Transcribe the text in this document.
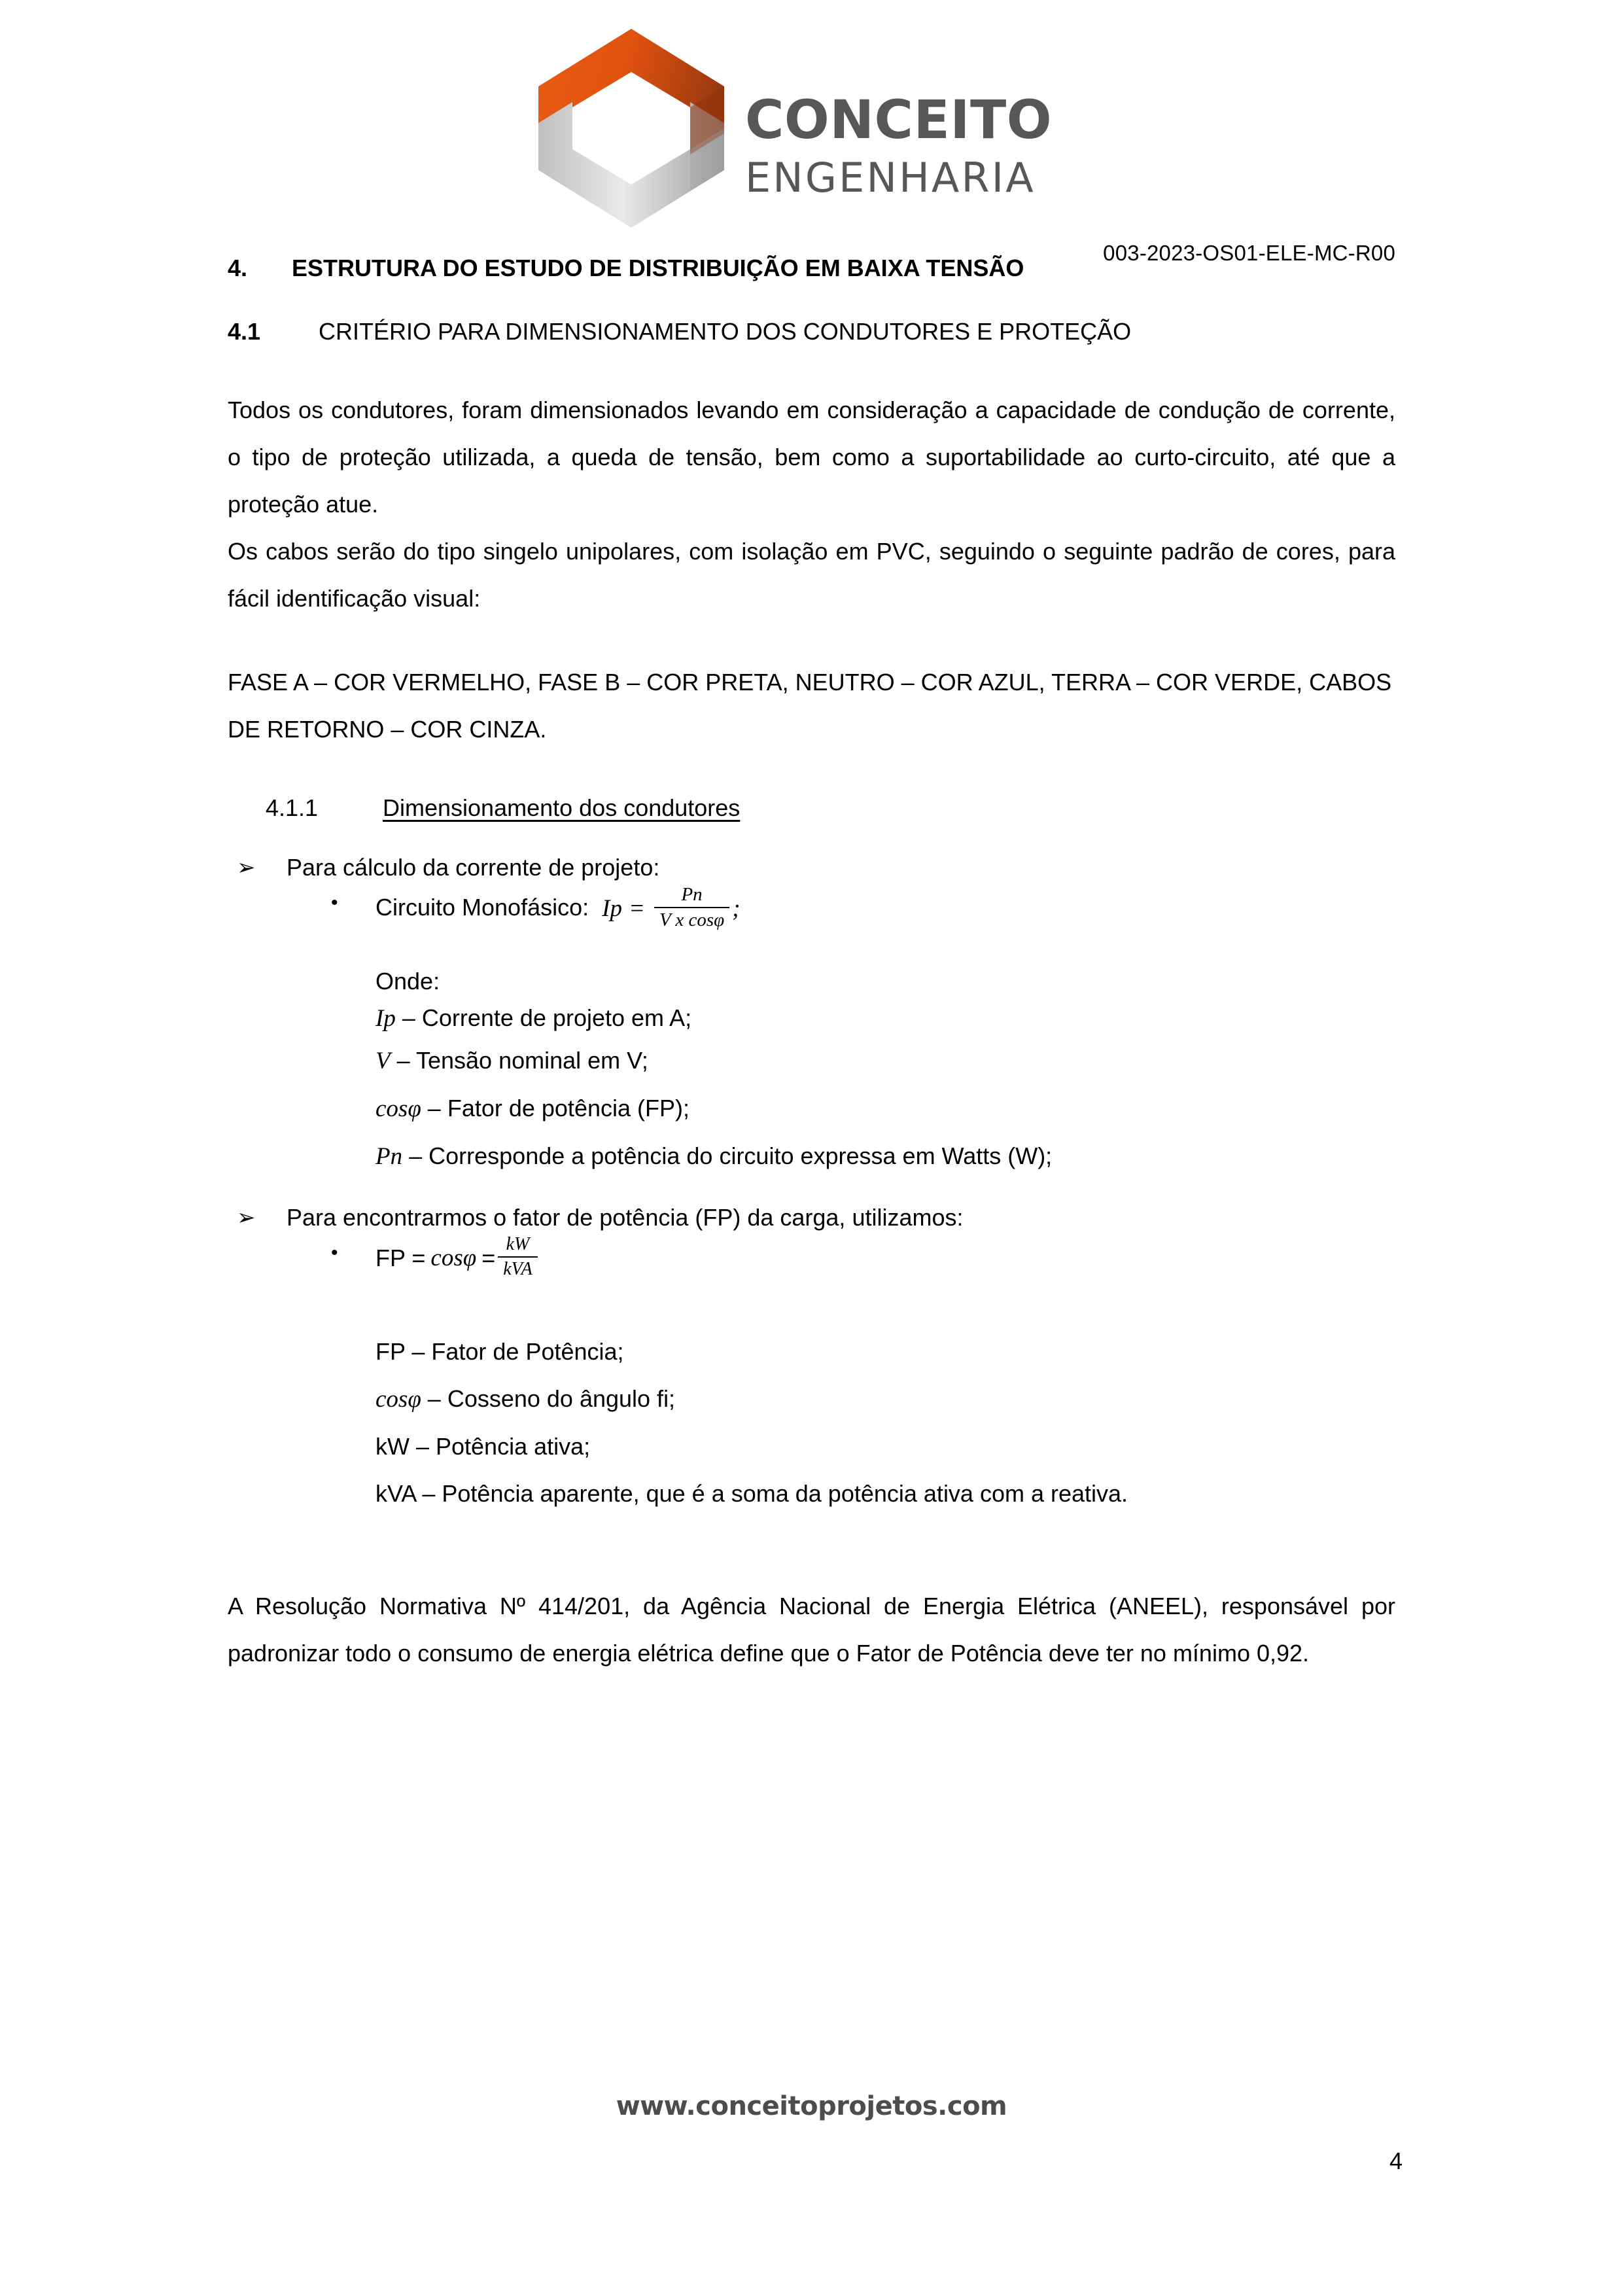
CONCEITO
ENGENHARIA
003-2023-OS01-ELE-MC-R00
4.	ESTRUTURA DO ESTUDO DE DISTRIBUIÇÃO EM BAIXA TENSÃO
4.1	CRITÉRIO PARA DIMENSIONAMENTO DOS CONDUTORES E PROTEÇÃO

Todos os condutores, foram dimensionados levando em consideração a capacidade de condução de corrente, o tipo de proteção utilizada, a queda de tensão, bem como a suportabilidade ao curto-circuito, até que a proteção atue.

Os cabos serão do tipo singelo unipolares, com isolação em PVC, seguindo o seguinte padrão de cores, para fácil identificação visual:

FASE A – COR VERMELHO, FASE B – COR PRETA, NEUTRO – COR AZUL, TERRA – COR VERDE, CABOS DE RETORNO – COR CINZA.

4.1.1	Dimensionamento dos condutores
➢	Para cálculo da corrente de projeto:
•	Circuito Monofásico: $Ip = \frac{Pn}{\text{V x cosφ}}$ ;
Onde:
Ip – Corrente de projeto em A;
V – Tensão nominal em V;
cosφ – Fator de potência (FP);
Pn – Corresponde a potência do circuito expressa em Watts (W);
➢	Para encontrarmos o fator de potência (FP) da carga, utilizamos:
•	FP = $\cos\varphi = \frac{kW}{\text{kVA}}$
FP – Fator de Potência;
cosφ – Cosseno do ângulo fi;
kW – Potência ativa;
kVA – Potência aparente, que é a soma da potência ativa com a reativa.

A Resolução Normativa Nº 414/201, da Agência Nacional de Energia Elétrica (ANEEL), responsável por padronizar todo o consumo de energia elétrica define que o Fator de Potência deve ter no mínimo 0,92.

www.conceitoprojetos.com
4
